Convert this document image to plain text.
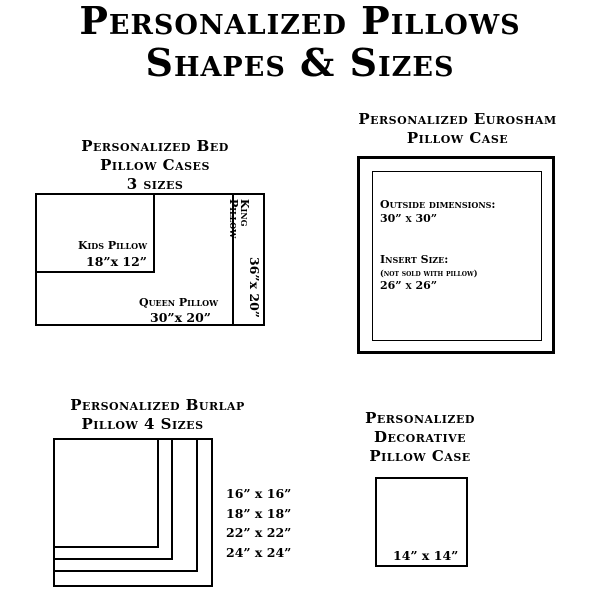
Personalized Pillows
Shapes & Sizes
Personalized Bed
Pillow Cases
3 sizes
Kids Pillow
18”x 12”
Queen Pillow
30”x 20”
King
Pillow
36”x 20”
Personalized Eurosham
Pillow Case
Outside dimensions:
30” x 30”
Insert Size:
(not sold with pillow)
26” x 26”
Personalized Burlap
Pillow 4 Sizes
16” x 16”
18” x 18”
22” x 22”
24” x 24”
Personalized
Decorative
Pillow Case
14” x 14”
